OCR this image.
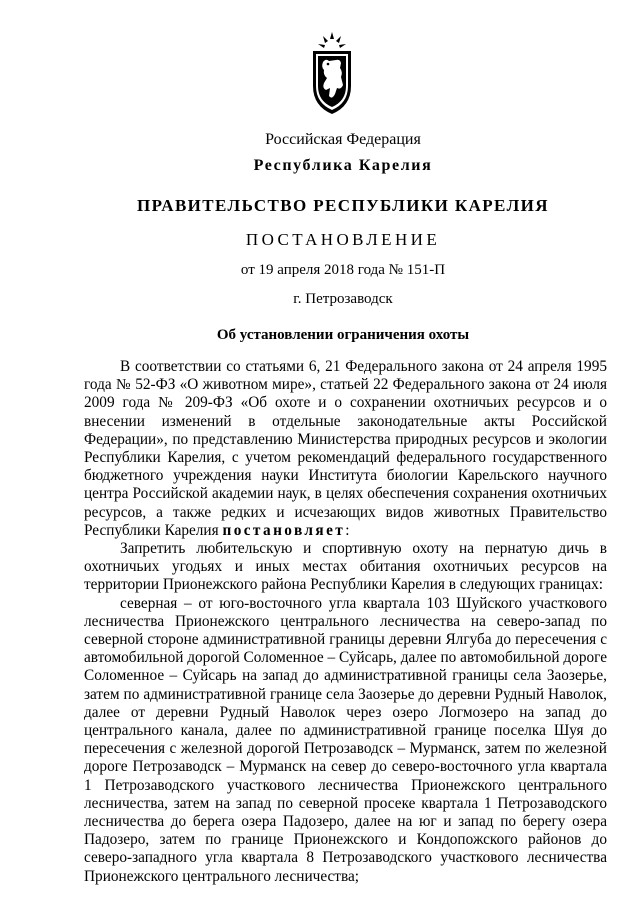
Российская Федерация
Республика Карелия
ПРАВИТЕЛЬСТВО РЕСПУБЛИКИ КАРЕЛИЯ
ПОСТАНОВЛЕНИЕ
от 19 апреля 2018 года № 151-П
г. Петрозаводск
Об установлении ограничения охоты

В соответствии со статьями 6, 21 Федерального закона от 24 апреля 1995 года № 52-ФЗ «О животном мире», статьей 22 Федерального закона от 24 июля 2009 года № 209-ФЗ «Об охоте и о сохранении охотничьих ресурсов и о внесении изменений в отдельные законодательные акты Российской Федерации», по представлению Министерства природных ресурсов и экологии Республики Карелия, с учетом рекомендаций федерального государственного бюджетного учреждения науки Института биологии Карельского научного центра Российской академии наук, в целях обеспечения сохранения охотничьих ресурсов, а также редких и исчезающих видов животных Правительство Республики Карелия постановляет:

Запретить любительскую и спортивную охоту на пернатую дичь в охотничьих угодьях и иных местах обитания охотничьих ресурсов на территории Прионежского района Республики Карелия в следующих границах:

северная – от юго-восточного угла квартала 103 Шуйского участкового лесничества Прионежского центрального лесничества на северо-запад по северной стороне административной границы деревни Ялгуба до пересечения с автомобильной дорогой Соломенное – Суйсарь, далее по автомобильной дороге Соломенное – Суйсарь на запад до административной границы села Заозерье, затем по административной границе села Заозерье до деревни Рудный Наволок, далее от деревни Рудный Наволок через озеро Логмозеро на запад до центрального канала, далее по административной границе поселка Шуя до пересечения с железной дорогой Петрозаводск – Мурманск, затем по железной дороге Петрозаводск – Мурманск на север до северо-восточного угла квартала 1 Петрозаводского участкового лесничества Прионежского центрального лесничества, затем на запад по северной просеке квартала 1 Петрозаводского лесничества до берега озера Падозеро, далее на юг и запад по берегу озера Падозеро, затем по границе Прионежского и Кондопожского районов до северо-западного угла квартала 8 Петрозаводского участкового лесничества Прионежского центрального лесничества;
